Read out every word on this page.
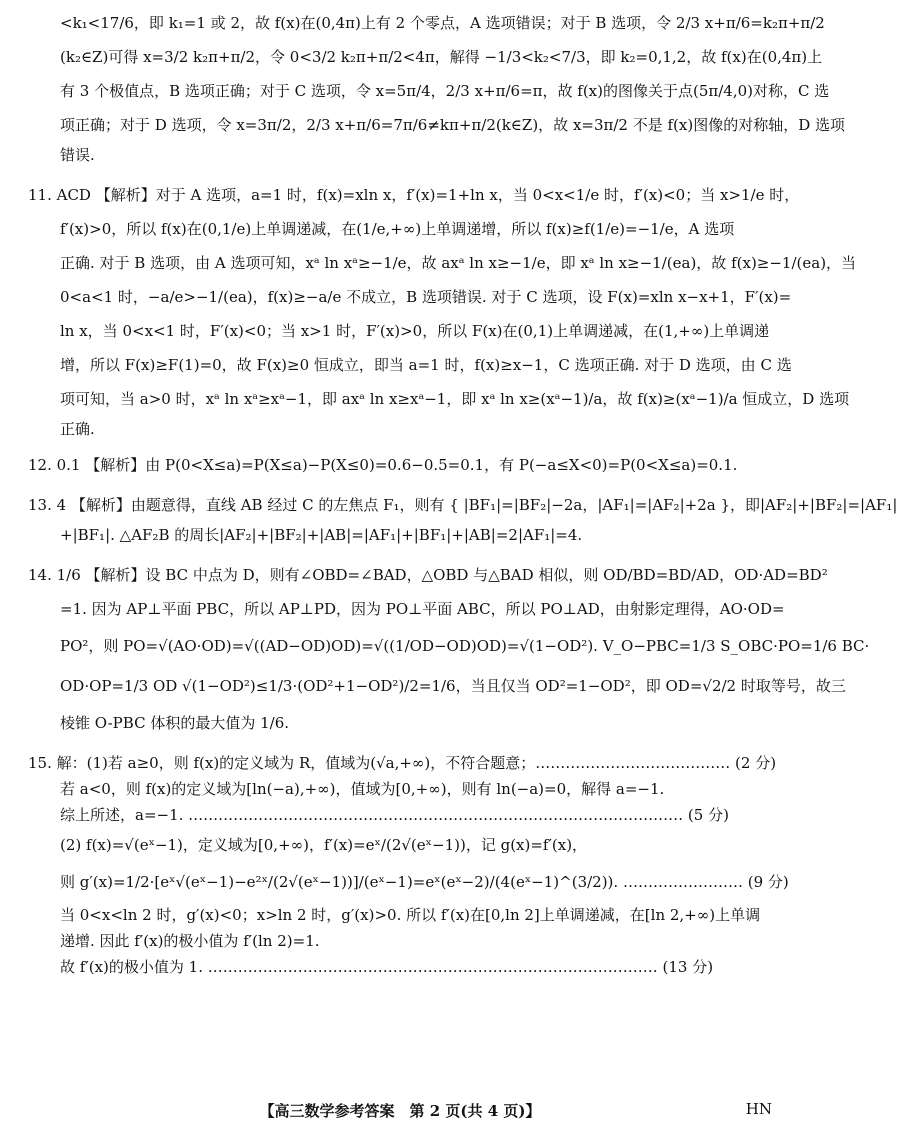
<k₁<17/6，即 k₁=1 或 2，故 f(x)在(0,4π)上有 2 个零点，A 选项错误；对于 B 选项，令 2/3 x+π/6=k₂π+π/2
(k₂∈Z)可得 x=3/2 k₂π+π/2，令 0<3/2 k₂π+π/2<4π，解得 −1/3<k₂<7/3，即 k₂=0,1,2，故 f(x)在(0,4π)上
有 3 个极值点，B 选项正确；对于 C 选项，令 x=5π/4，2/3 x+π/6=π，故 f(x)的图像关于点(5π/4,0)对称，C 选
项正确；对于 D 选项，令 x=3π/2，2/3 x+π/6=7π/6≠kπ+π/2(k∈Z)，故 x=3π/2 不是 f(x)图像的对称轴，D 选项
错误.
11. ACD 【解析】对于 A 选项，a=1 时，f(x)=xln x，f′(x)=1+ln x，当 0<x<1/e 时，f′(x)<0；当 x>1/e 时，
f′(x)>0，所以 f(x)在(0,1/e)上单调递减，在(1/e,+∞)上单调递增，所以 f(x)≥f(1/e)=−1/e，A 选项
正确. 对于 B 选项，由 A 选项可知，xᵃ ln xᵃ≥−1/e，故 axᵃ ln x≥−1/e，即 xᵃ ln x≥−1/(ea)，故 f(x)≥−1/(ea)，当
0<a<1 时，−a/e>−1/(ea)，f(x)≥−a/e 不成立，B 选项错误. 对于 C 选项，设 F(x)=xln x−x+1，F′(x)=
ln x，当 0<x<1 时，F′(x)<0；当 x>1 时，F′(x)>0，所以 F(x)在(0,1)上单调递减，在(1,+∞)上单调递
增，所以 F(x)≥F(1)=0，故 F(x)≥0 恒成立，即当 a=1 时，f(x)≥x−1，C 选项正确. 对于 D 选项，由 C 选
项可知，当 a>0 时，xᵃ ln xᵃ≥xᵃ−1，即 axᵃ ln x≥xᵃ−1，即 xᵃ ln x≥(xᵃ−1)/a，故 f(x)≥(xᵃ−1)/a 恒成立，D 选项
正确.
12. 0.1 【解析】由 P(0<X≤a)=P(X≤a)−P(X≤0)=0.6−0.5=0.1，有 P(−a≤X<0)=P(0<X≤a)=0.1.
13. 4 【解析】由题意得，直线 AB 经过 C 的左焦点 F₁，则有 { |BF₁|=|BF₂|−2a，|AF₁|=|AF₂|+2a }，即|AF₂|+|BF₂|=|AF₁|
+|BF₁|. △AF₂B 的周长|AF₂|+|BF₂|+|AB|=|AF₁|+|BF₁|+|AB|=2|AF₁|=4.
14. 1/6 【解析】设 BC 中点为 D，则有∠OBD=∠BAD，△OBD 与△BAD 相似，则 OD/BD=BD/AD，OD·AD=BD²
=1. 因为 AP⊥平面 PBC，所以 AP⊥PD，因为 PO⊥平面 ABC，所以 PO⊥AD，由射影定理得，AO·OD=
PO²，则 PO=√(AO·OD)=√((AD−OD)OD)=√((1/OD−OD)OD)=√(1−OD²). V_O−PBC=1/3 S_OBC·PO=1/6 BC·
OD·OP=1/3 OD √(1−OD²)≤1/3·(OD²+1−OD²)/2=1/6，当且仅当 OD²=1−OD²，即 OD=√2/2 时取等号，故三
棱锥 O-PBC 体积的最大值为 1/6.
15. 解：(1)若 a≥0，则 f(x)的定义域为 R，值域为(√a,+∞)，不符合题意；………………………………… (2 分)
若 a<0，则 f(x)的定义域为[ln(−a),+∞)，值域为[0,+∞)，则有 ln(−a)=0，解得 a=−1.
综上所述，a=−1. ……………………………………………………………………………………… (5 分)
(2) f(x)=√(eˣ−1)，定义域为[0,+∞)，f′(x)=eˣ/(2√(eˣ−1))，记 g(x)=f′(x)，
则 g′(x)=1/2·[eˣ√(eˣ−1)−e²ˣ/(2√(eˣ−1))]/(eˣ−1)=eˣ(eˣ−2)/(4(eˣ−1)^(3/2)). …………………… (9 分)
当 0<x<ln 2 时，g′(x)<0；x>ln 2 时，g′(x)>0. 所以 f′(x)在[0,ln 2]上单调递减，在[ln 2,+∞)上单调
递增. 因此 f′(x)的极小值为 f′(ln 2)=1.
故 f′(x)的极小值为 1. ……………………………………………………………………………… (13 分)
【高三数学参考答案　第 2 页(共 4 页)】	HN
